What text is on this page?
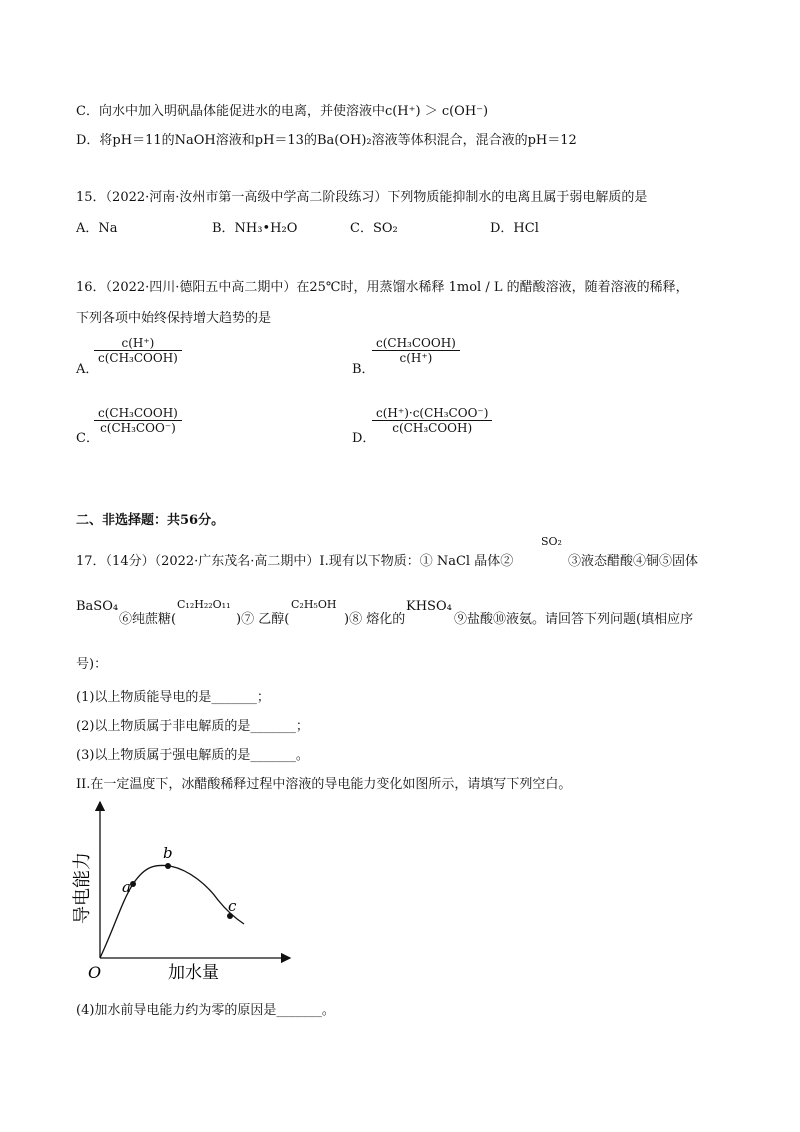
C．向水中加入明矾晶体能促进水的电离，并使溶液中c(H⁺) ＞ c(OH⁻)
D．将pH＝11的NaOH溶液和pH＝13的Ba(OH)₂溶液等体积混合，混合液的pH＝12
15．（2022·河南·汝州市第一高级中学高二阶段练习）下列物质能抑制水的电离且属于弱电解质的是
A．Na	B．NH₃•H₂O	C．SO₂	D．HCl
16．（2022·四川·德阳五中高二期中）在25℃时，用蒸馏水稀释 1mol / L 的醋酸溶液，随着溶液的稀释，
下列各项中始终保持增大趋势的是
A．
c(H⁺)
c(CH₃COOH)
B．
c(CH₃COOH)
c(H⁺)
C．
c(CH₃COOH)
c(CH₃COO⁻)
D．
c(H⁺)·c(CH₃COO⁻)
c(CH₃COOH)
二、非选择题：共56分。
17．（14分）（2022·广东茂名·高二期中）I.现有以下物质：① NaCl 晶体②
SO₂
③液态醋酸④铜⑤固体
BaSO₄
⑥纯蔗糖(
C₁₂H₂₂O₁₁
)⑦ 乙醇(
C₂H₅OH
)⑧ 熔化的
KHSO₄
⑨盐酸⑩液氨。请回答下列问题(填相应序
号)：
(1)以上物质能导电的是_______；
(2)以上物质属于非电解质的是_______；
(3)以上物质属于强电解质的是_______。
II.在一定温度下，冰醋酸稀释过程中溶液的导电能力变化如图所示，请填写下列空白。
a
b
c
O	加水量
导电能力
(4)加水前导电能力约为零的原因是_______。
